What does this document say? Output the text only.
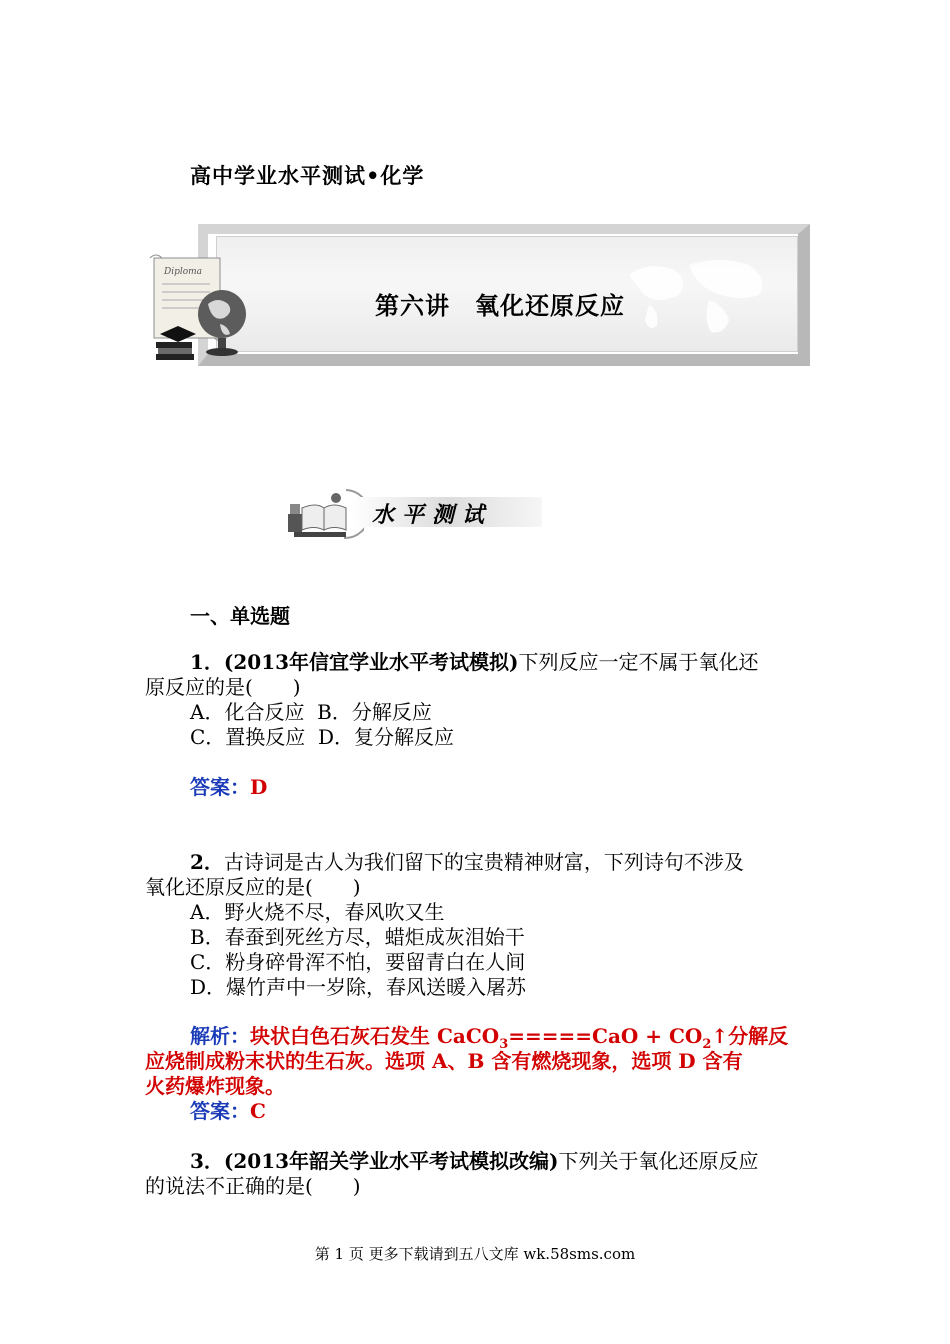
高中学业水平测试•化学
Diploma
第六讲　氧化还原反应
水平测试
一、单选题
1．(2013年信宜学业水平考试模拟)下列反应一定不属于氧化还
原反应的是(　　)
A．化合反应  B．分解反应
C．置换反应  D．复分解反应
答案：D
2．古诗词是古人为我们留下的宝贵精神财富，下列诗句不涉及
氧化还原反应的是(　　)
A．野火烧不尽，春风吹又生
B．春蚕到死丝方尽，蜡炬成灰泪始干
C．粉身碎骨浑不怕，要留青白在人间
D．爆竹声中一岁除，春风送暖入屠苏
解析：块状白色石灰石发生 CaCO$_3$=====CaO + $CO_2↑$分解反
应烧制成粉末状的生石灰。选项 A、B 含有燃烧现象，选项 D 含有
火药爆炸现象。
答案：C
3．(2013年韶关学业水平考试模拟改编)下列关于氧化还原反应
的说法不正确的是(　　)
第 1 页 更多下载请到五八文库 wk.58sms.com
